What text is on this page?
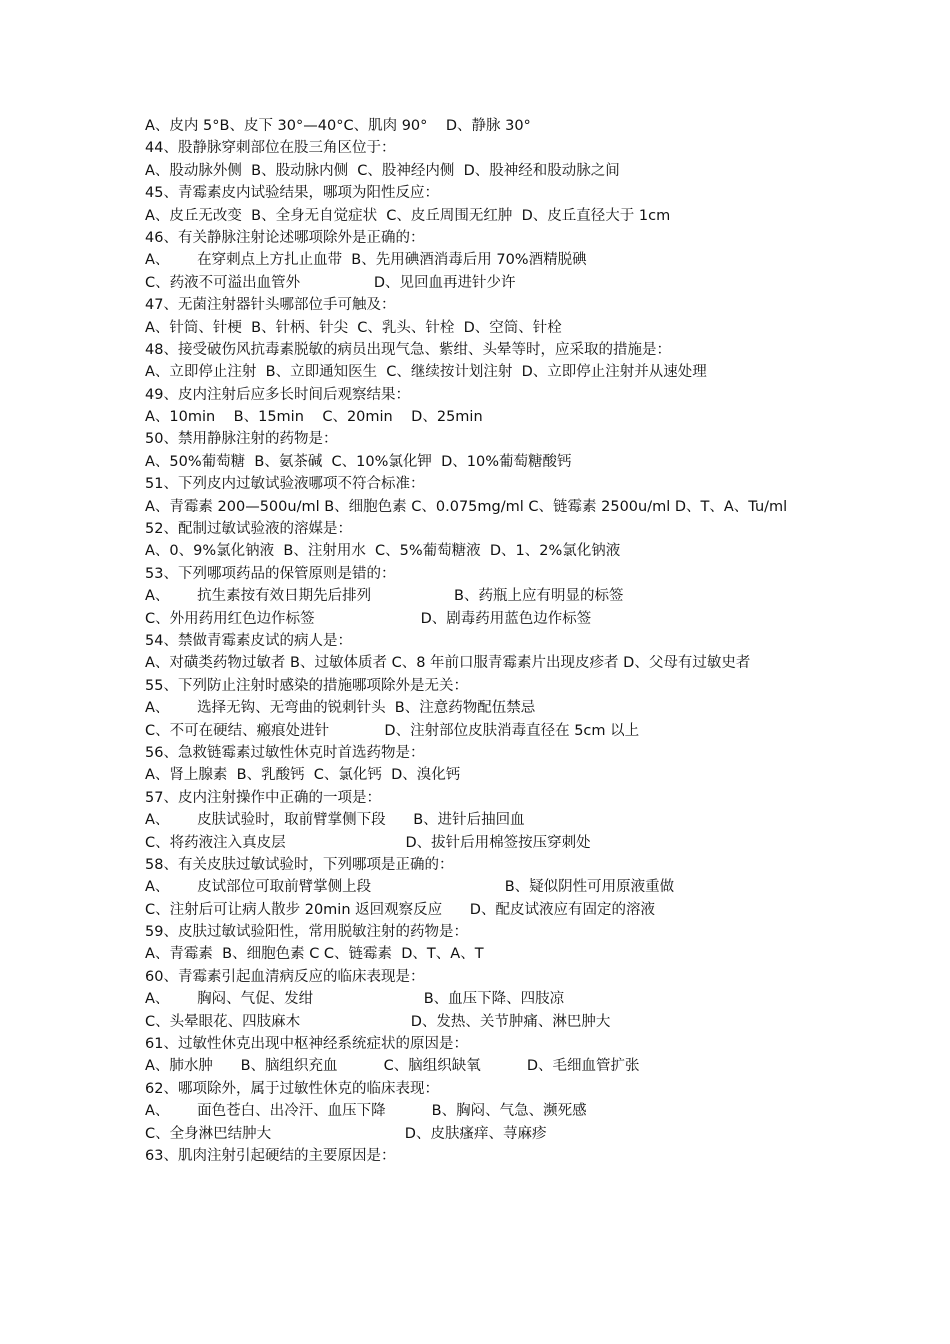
A、皮内 5°B、皮下 30°—40°C、肌肉 90°    D、静脉 30°
44、股静脉穿刺部位在股三角区位于：
A、股动脉外侧  B、股动脉内侧  C、股神经内侧  D、股神经和股动脉之间
45、青霉素皮内试验结果，哪项为阳性反应：
A、皮丘无改变  B、全身无自觉症状  C、皮丘周围无红肿  D、皮丘直径大于 1cm
46、有关静脉注射论述哪项除外是正确的：
A、      在穿刺点上方扎止血带  B、先用碘酒消毒后用 70%酒精脱碘
C、药液不可溢出血管外                D、见回血再进针少许
47、无菌注射器针头哪部位手可触及：
A、针筒、针梗  B、针柄、针尖  C、乳头、针栓  D、空筒、针栓
48、接受破伤风抗毒素脱敏的病员出现气急、紫绀、头晕等时，应采取的措施是：
A、立即停止注射  B、立即通知医生  C、继续按计划注射  D、立即停止注射并从速处理
49、皮内注射后应多长时间后观察结果：
A、10min    B、15min    C、20min    D、25min
50、禁用静脉注射的药物是：
A、50%葡萄糖  B、氨茶碱  C、10%氯化钾  D、10%葡萄糖酸钙
51、下列皮内过敏试验液哪项不符合标准：
A、青霉素 200—500u/ml B、细胞色素 C、0.075mg/ml C、链霉素 2500u/ml D、T、A、Tu/ml
52、配制过敏试验液的溶媒是：
A、0、9%氯化钠液  B、注射用水  C、5%葡萄糖液  D、1、2%氯化钠液
53、下列哪项药品的保管原则是错的：
A、      抗生素按有效日期先后排列                  B、药瓶上应有明显的标签
C、外用药用红色边作标签                       D、剧毒药用蓝色边作标签
54、禁做青霉素皮试的病人是：
A、对磺类药物过敏者 B、过敏体质者 C、8 年前口服青霉素片出现皮疹者 D、父母有过敏史者
55、下列防止注射时感染的措施哪项除外是无关：
A、      选择无钩、无弯曲的锐刺针头  B、注意药物配伍禁忌
C、不可在硬结、瘢痕处进针            D、注射部位皮肤消毒直径在 5cm 以上
56、急救链霉素过敏性休克时首选药物是：
A、肾上腺素  B、乳酸钙  C、氯化钙  D、溴化钙
57、皮内注射操作中正确的一项是：
A、      皮肤试验时，取前臂掌侧下段      B、进针后抽回血
C、将药液注入真皮层                          D、拔针后用棉签按压穿刺处
58、有关皮肤过敏试验时，下列哪项是正确的：
A、      皮试部位可取前臂掌侧上段                             B、疑似阴性可用原液重做
C、注射后可让病人散步 20min 返回观察反应      D、配皮试液应有固定的溶液
59、皮肤过敏试验阳性，常用脱敏注射的药物是：
A、青霉素  B、细胞色素 C C、链霉素  D、T、A、T
60、青霉素引起血清病反应的临床表现是：
A、      胸闷、气促、发绀                        B、血压下降、四肢凉
C、头晕眼花、四肢麻木                        D、发热、关节肿痛、淋巴肿大
61、过敏性休克出现中枢神经系统症状的原因是：
A、肺水肿      B、脑组织充血          C、脑组织缺氧          D、毛细血管扩张
62、哪项除外，属于过敏性休克的临床表现：
A、      面色苍白、出冷汗、血压下降          B、胸闷、气急、濒死感
C、全身淋巴结肿大                             D、皮肤瘙痒、荨麻疹
63、肌肉注射引起硬结的主要原因是：
